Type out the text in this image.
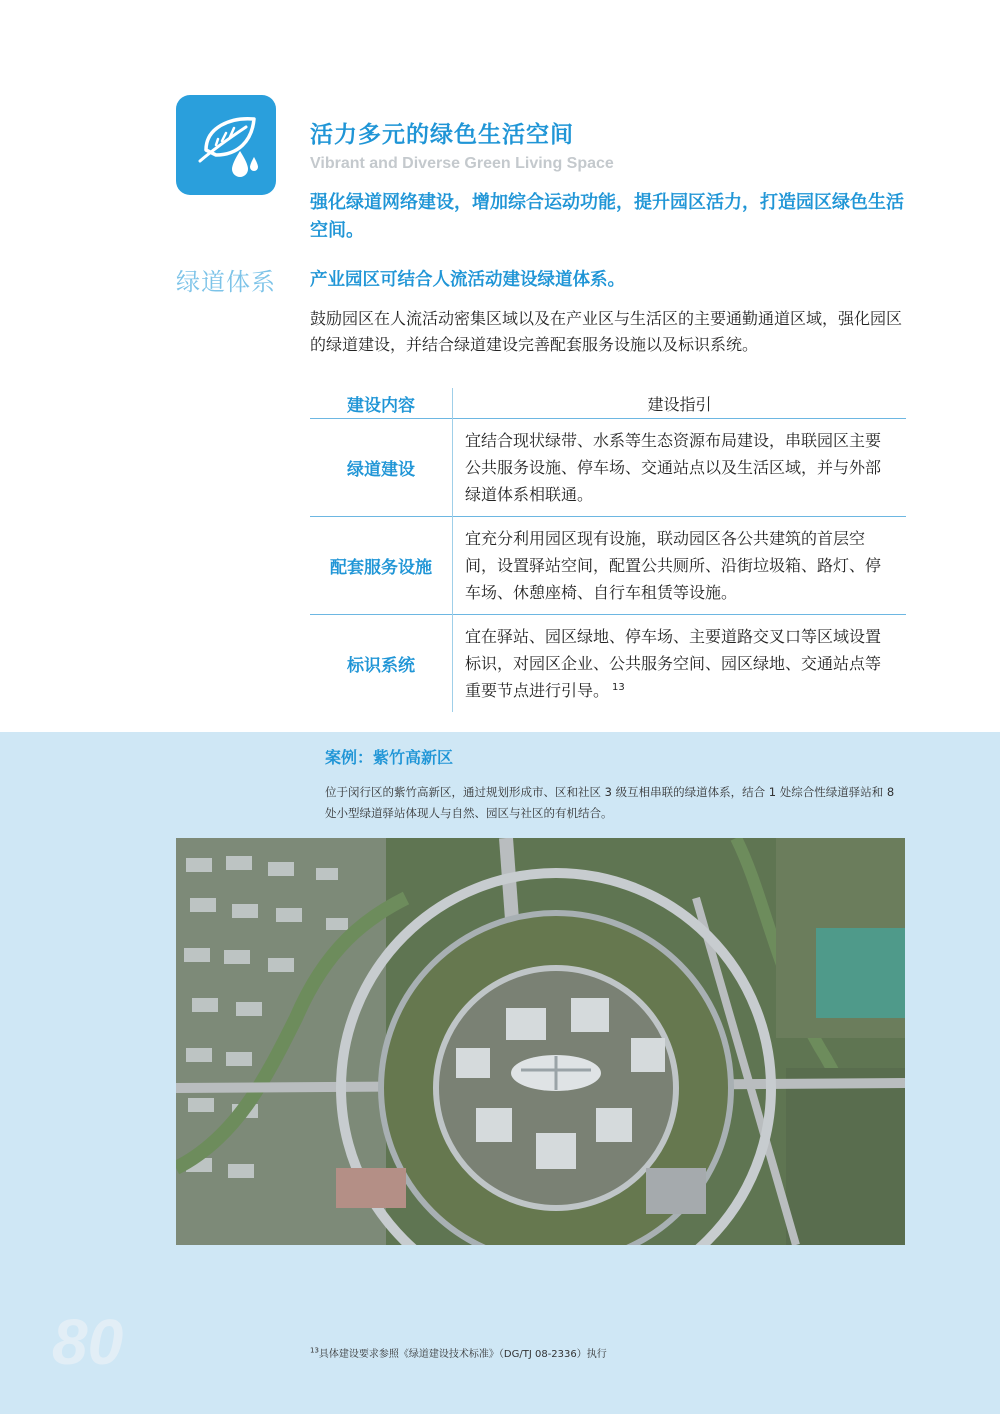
活力多元的绿色生活空间
Vibrant and Diverse Green Living Space
强化绿道网络建设，增加综合运动功能，提升园区活力，打造园区绿色生活空间。
绿道体系 产业园区可结合人流活动建设绿道体系。
鼓励园区在人流活动密集区域以及在产业区与生活区的主要通勤通道区域，强化园区的绿道建设，并结合绿道建设完善配套服务设施以及标识系统。
建设内容	建设指引
绿道建设	宜结合现状绿带、水系等生态资源布局建设，串联园区主要公共服务设施、停车场、交通站点以及生活区域，并与外部绿道体系相联通。
配套服务设施	宜充分利用园区现有设施，联动园区各公共建筑的首层空间，设置驿站空间，配置公共厕所、沿街垃圾箱、路灯、停车场、休憩座椅、自行车租赁等设施。
标识系统	宜在驿站、园区绿地、停车场、主要道路交叉口等区域设置标识，对园区企业、公共服务空间、园区绿地、交通站点等重要节点进行引导。 $^{13}$
案例：紫竹高新区
位于闵行区的紫竹高新区，通过规划形成市、区和社区 3 级互相串联的绿道体系，结合 1 处综合性绿道驿站和 8 处小型绿道驿站体现人与自然、园区与社区的有机结合。
80	$^{13}$具体建设要求参照《绿道建设技术标准》（DG/TJ 08-2336）执行
